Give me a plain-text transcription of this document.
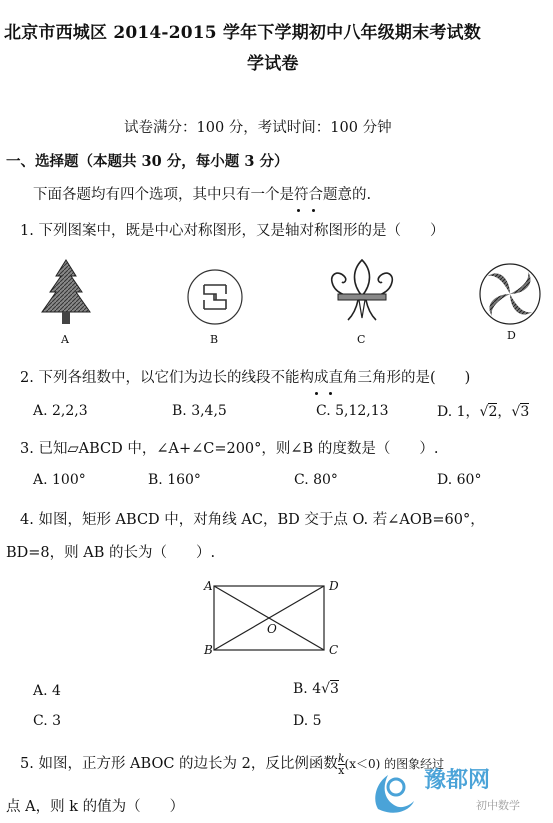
北京市西城区 2014-2015 学年下学期初中八年级期末考试数
学试卷
试卷满分：100 分，考试时间：100 分钟
一、选择题（本题共 30 分，每小题 3 分）
下面各题均有四个选项，其中只有一个是符合题意的.
1. 下列图案中，既是中心对称图形，又是轴对称图形的是（　　）
A	B	C	D
2. 下列各组数中，以它们为边长的线段不能构成直角三角形的是(　　)
A. 2,2,3	B. 3,4,5	C. 5,12,13	D. 1，√2，√3
3. 已知▱ABCD 中，∠A+∠C=200°，则∠B 的度数是（　　）.
A. 100°	B. 160°	C. 80°	D. 60°
4. 如图，矩形 ABCD 中，对角线 AC，BD 交于点 O. 若∠AOB=60°，
BD=8，则 AB 的长为（　　）.
A	D
B	C
O
A. 4	B. 4√3
C. 3	D. 5
5. 如图，正方形 ABOC 的边长为 2，反比例函数 $\frac{k}{x} (x<0)$ 的图象经过
点 A，则 k 的值为（　　）
豫都网
初中数学
